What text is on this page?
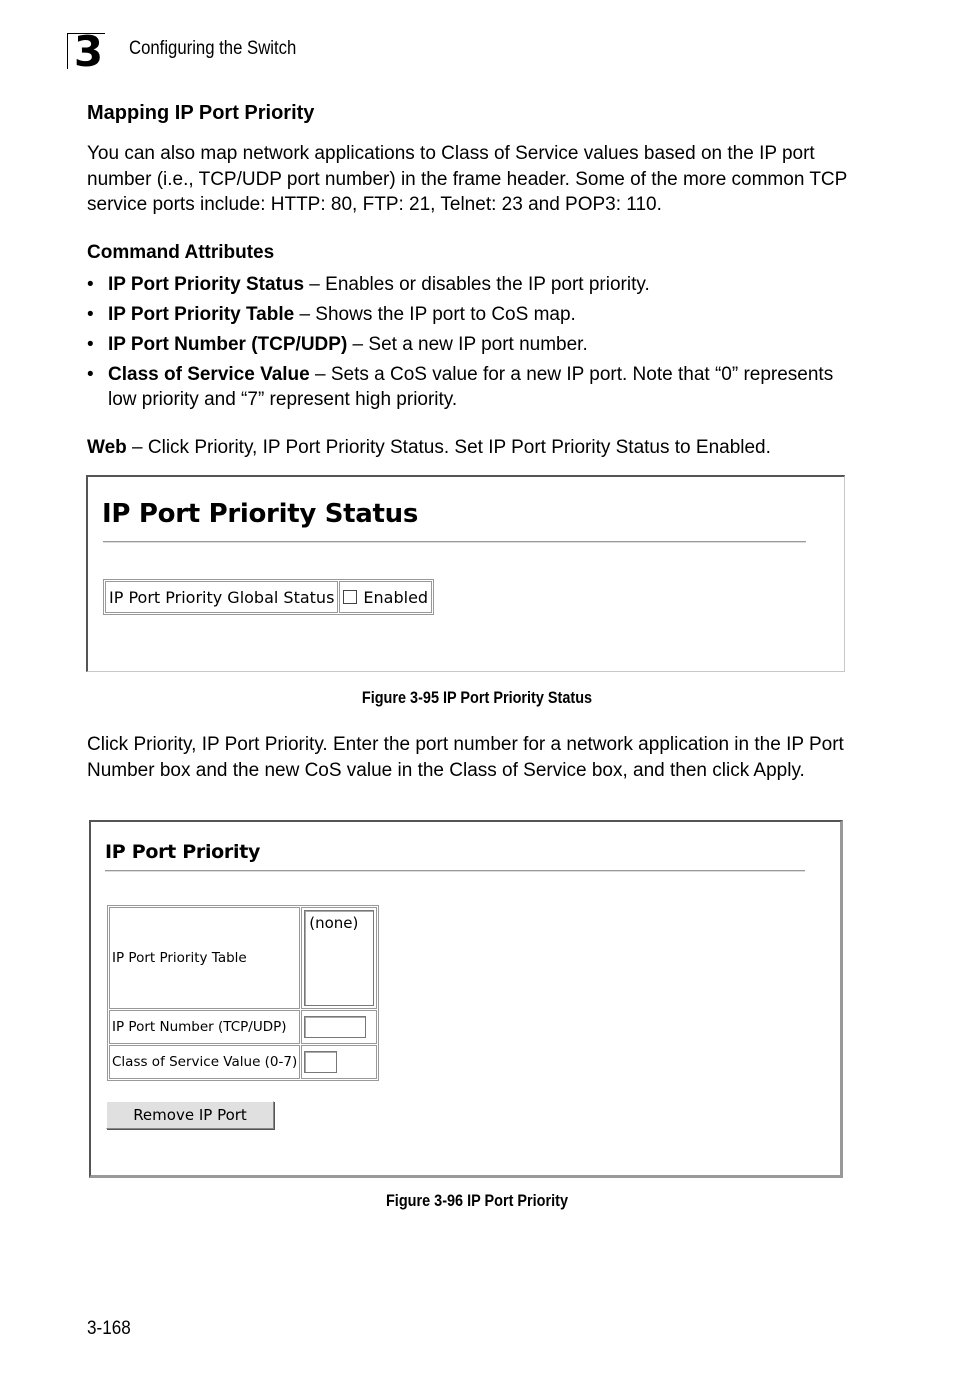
3 Configuring the Switch
Mapping IP Port Priority
You can also map network applications to Class of Service values based on the IP port number (i.e., TCP/UDP port number) in the frame header. Some of the more common TCP service ports include: HTTP: 80, FTP: 21, Telnet: 23 and POP3: 110.
Command Attributes
• IP Port Priority Status – Enables or disables the IP port priority.
• IP Port Priority Table – Shows the IP port to CoS map.
• IP Port Number (TCP/UDP) – Set a new IP port number.
• Class of Service Value – Sets a CoS value for a new IP port. Note that “0” represents low priority and “7” represent high priority.
Web – Click Priority, IP Port Priority Status. Set IP Port Priority Status to Enabled.
IP Port Priority Status
IP Port Priority Global Status	Enabled
Figure 3-95 IP Port Priority Status
Click Priority, IP Port Priority. Enter the port number for a network application in the IP Port Number box and the new CoS value in the Class of Service box, and then click Apply.
IP Port Priority
IP Port Priority Table	(none)

IP Port Number (TCP/UDP)	

Class of Service Value (0-7)	
Remove IP Port
Figure 3-96 IP Port Priority
3-168
